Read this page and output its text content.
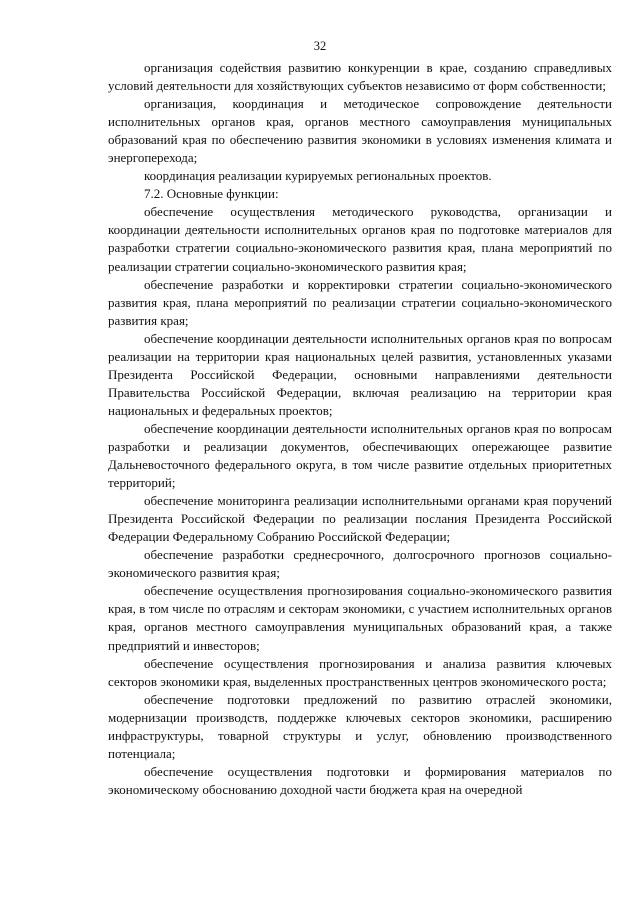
32

организация содействия развитию конкуренции в крае, созданию справедливых условий деятельности для хозяйствующих субъектов независимо от форм собственности;

организация, координация и методическое сопровождение деятельности исполнительных органов края, органов местного самоуправления муниципальных образований края по обеспечению развития экономики в условиях изменения климата и энергоперехода;

координация реализации курируемых региональных проектов.

7.2. Основные функции:

обеспечение осуществления методического руководства, организации и координации деятельности исполнительных органов края по подготовке материалов для разработки стратегии социально-экономического развития края, плана мероприятий по реализации стратегии социально-экономического развития края;

обеспечение разработки и корректировки стратегии социально-экономического развития края, плана мероприятий по реализации стратегии социально-экономического развития края;

обеспечение координации деятельности исполнительных органов края по вопросам реализации на территории края национальных целей развития, установленных указами Президента Российской Федерации, основными направлениями деятельности Правительства Российской Федерации, включая реализацию на территории края национальных и федеральных проектов;

обеспечение координации деятельности исполнительных органов края по вопросам разработки и реализации документов, обеспечивающих опережающее развитие Дальневосточного федерального округа, в том числе развитие отдельных приоритетных территорий;

обеспечение мониторинга реализации исполнительными органами края поручений Президента Российской Федерации по реализации послания Президента Российской Федерации Федеральному Собранию Российской Федерации;

обеспечение разработки среднесрочного, долгосрочного прогнозов социально-экономического развития края;

обеспечение осуществления прогнозирования социально-экономического развития края, в том числе по отраслям и секторам экономики, с участием исполнительных органов края, органов местного самоуправления муниципальных образований края, а также предприятий и инвесторов;

обеспечение осуществления прогнозирования и анализа развития ключевых секторов экономики края, выделенных пространственных центров экономического роста;

обеспечение подготовки предложений по развитию отраслей экономики, модернизации производств, поддержке ключевых секторов экономики, расширению инфраструктуры, товарной структуры и услуг, обновлению производственного потенциала;

обеспечение осуществления подготовки и формирования материалов по экономическому обоснованию доходной части бюджета края на очередной
